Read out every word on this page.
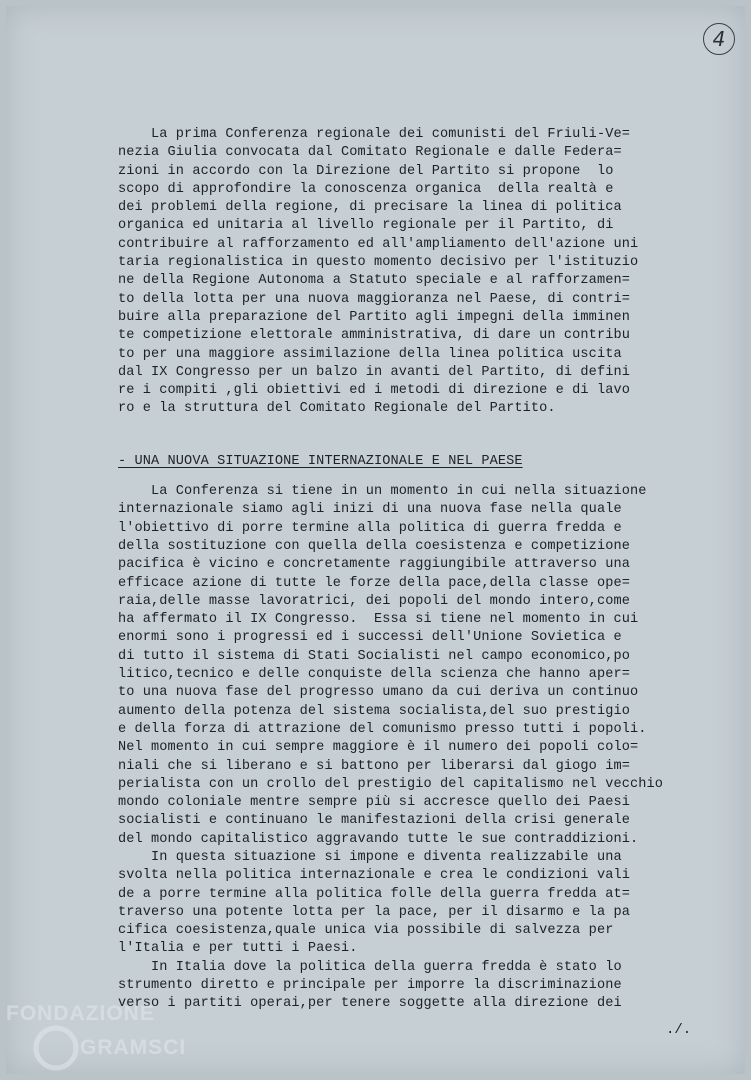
4
La prima Conferenza regionale dei comunisti del Friuli-Ve=
nezia Giulia convocata dal Comitato Regionale e dalle Federa=
zioni in accordo con la Direzione del Partito si propone  lo
scopo di approfondire la conoscenza organica  della realtà e
dei problemi della regione, di precisare la linea di politica
organica ed unitaria al livello regionale per il Partito, di
contribuire al rafforzamento ed all'ampliamento dell'azione uni
taria regionalistica in questo momento decisivo per l'istituzio
ne della Regione Autonoma a Statuto speciale e al rafforzamen=
to della lotta per una nuova maggioranza nel Paese, di contri=
buire alla preparazione del Partito agli impegni della imminen
te competizione elettorale amministrativa, di dare un contribu
to per una maggiore assimilazione della linea politica uscita
dal IX Congresso per un balzo in avanti del Partito, di defini
re i compiti ,gli obiettivi ed i metodi di direzione e di lavo
ro e la struttura del Comitato Regionale del Partito.
- UNA NUOVA SITUAZIONE INTERNAZIONALE E NEL PAESE
La Conferenza si tiene in un momento in cui nella situazione
internazionale siamo agli inizi di una nuova fase nella quale
l'obiettivo di porre termine alla politica di guerra fredda e
della sostituzione con quella della coesistenza e competizione
pacifica è vicino e concretamente raggiungibile attraverso una
efficace azione di tutte le forze della pace,della classe ope=
raia,delle masse lavoratrici, dei popoli del mondo intero,come
ha affermato il IX Congresso.  Essa si tiene nel momento in cui
enormi sono i progressi ed i successi dell'Unione Sovietica e
di tutto il sistema di Stati Socialisti nel campo economico,po
litico,tecnico e delle conquiste della scienza che hanno aper=
to una nuova fase del progresso umano da cui deriva un continuo
aumento della potenza del sistema socialista,del suo prestigio
e della forza di attrazione del comunismo presso tutti i popoli.
Nel momento in cui sempre maggiore è il numero dei popoli colo=
niali che si liberano e si battono per liberarsi dal giogo im=
perialista con un crollo del prestigio del capitalismo nel vecchio
mondo coloniale mentre sempre più si accresce quello dei Paesi
socialisti e continuano le manifestazioni della crisi generale
del mondo capitalistico aggravando tutte le sue contraddizioni.
In questa situazione si impone e diventa realizzabile una
svolta nella politica internazionale e crea le condizioni vali
de a porre termine alla politica folle della guerra fredda at=
traverso una potente lotta per la pace, per il disarmo e la pa
cifica coesistenza,quale unica via possibile di salvezza per
l'Italia e per tutti i Paesi.
In Italia dove la politica della guerra fredda è stato lo
strumento diretto e principale per imporre la discriminazione
verso i partiti operai,per tenere soggette alla direzione dei
./.
FONDAZIONE
GRAMSCI
